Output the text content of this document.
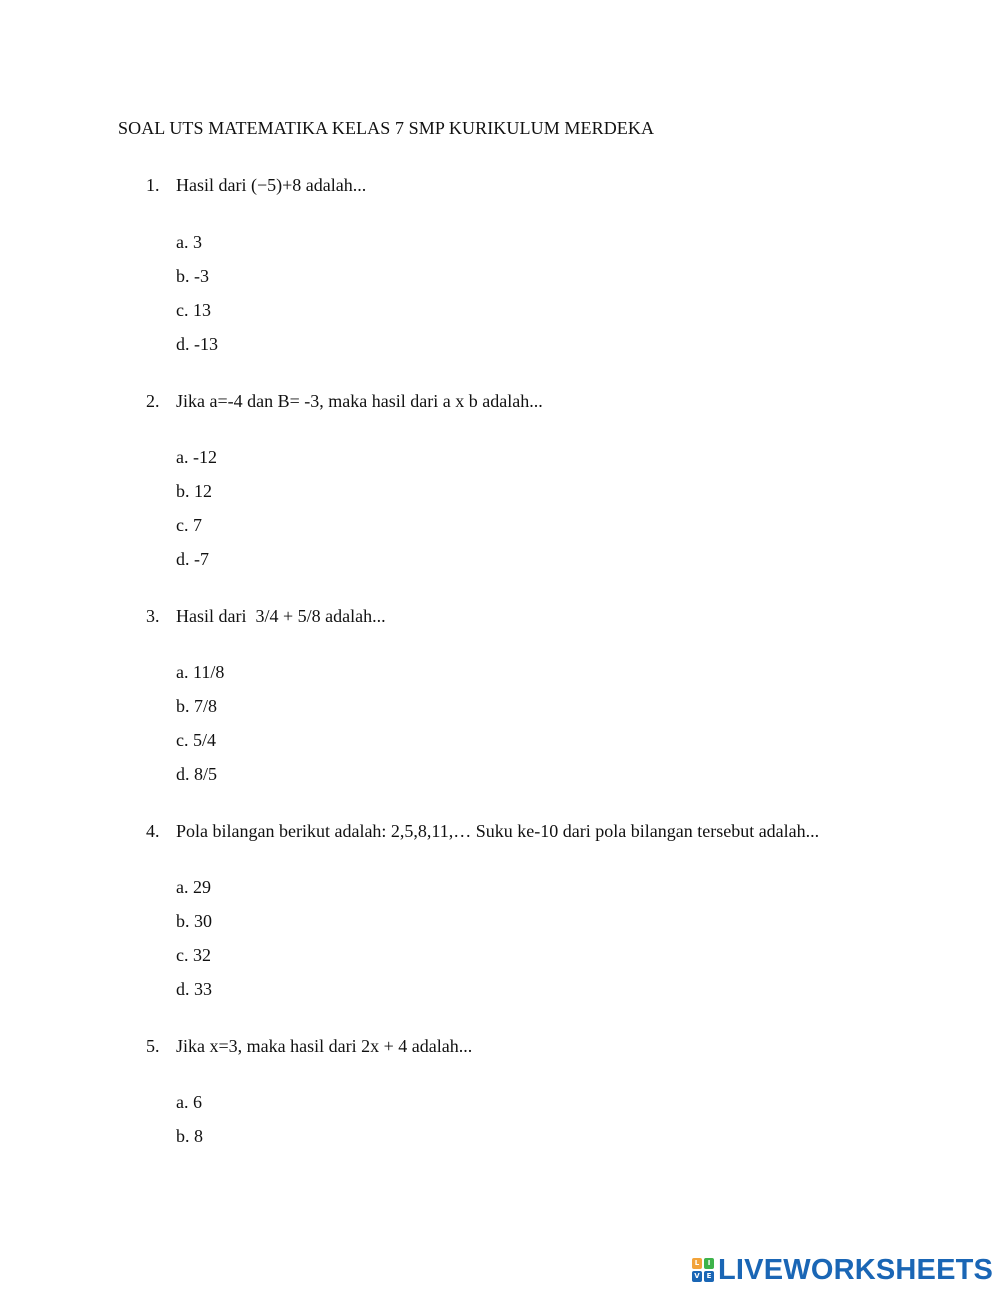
SOAL UTS MATEMATIKA KELAS 7 SMP KURIKULUM MERDEKA
1. Hasil dari (−5)+8 adalah...
a. 3
b. -3
c. 13
d. -13
2. Jika a=-4 dan B= -3, maka hasil dari a x b adalah...
a. -12
b. 12
c. 7
d. -7
3. Hasil dari  3/4 + 5/8 adalah...
a. 11/8
b. 7/8
c. 5/4
d. 8/5
4. Pola bilangan berikut adalah: 2,5,8,11,… Suku ke-10 dari pola bilangan tersebut adalah...
a. 29
b. 30
c. 32
d. 33
5. Jika x=3, maka hasil dari 2x + 4 adalah...
a. 6
b. 8
L	I
V E LIVEWORKSHEETS
